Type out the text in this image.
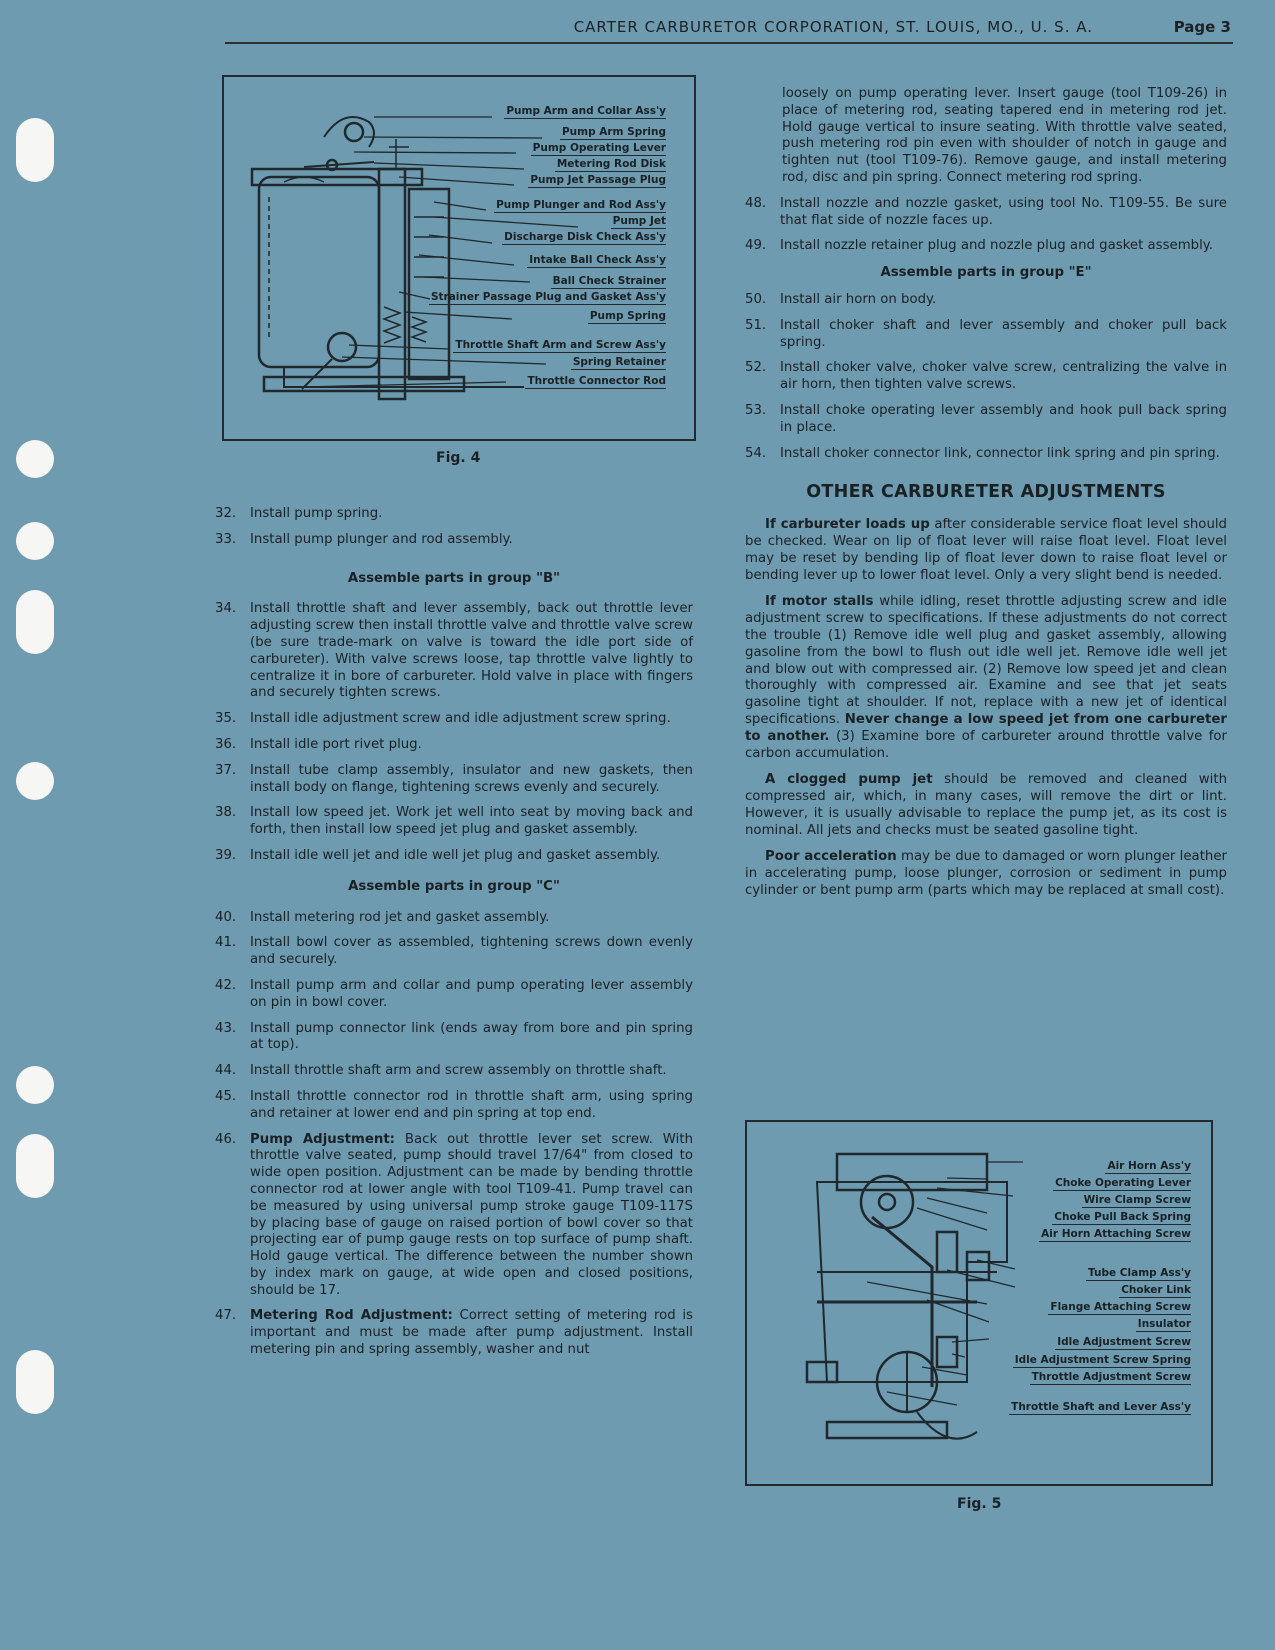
CARTER CARBURETOR CORPORATION, ST. LOUIS, MO., U. S. A.	Page 3
Pump Arm and Collar Ass'y
Pump Arm Spring
Pump Operating Lever
Metering Rod Disk
Pump Jet Passage Plug
Pump Plunger and Rod Ass'y
Pump Jet
Discharge Disk Check Ass'y
Intake Ball Check Ass'y
Ball Check Strainer
Strainer Passage Plug and Gasket Ass'y
Pump Spring
Throttle Shaft Arm and Screw Ass'y
Spring Retainer
Throttle Connector Rod
Fig. 4
32. Install pump spring.
33. Install pump plunger and rod assembly.
Assemble parts in group "B"
34. Install throttle shaft and lever assembly, back out throttle lever adjusting screw then install throttle valve and throttle valve screw (be sure trade-mark on valve is toward the idle port side of carbureter). With valve screws loose, tap throttle valve lightly to centralize it in bore of carbureter. Hold valve in place with fingers and securely tighten screws.
35. Install idle adjustment screw and idle adjustment screw spring.
36. Install idle port rivet plug.
37. Install tube clamp assembly, insulator and new gaskets, then install body on flange, tightening screws evenly and securely.
38. Install low speed jet. Work jet well into seat by moving back and forth, then install low speed jet plug and gasket assembly.
39. Install idle well jet and idle well jet plug and gasket assembly.
Assemble parts in group "C"
40. Install metering rod jet and gasket assembly.
41. Install bowl cover as assembled, tightening screws down evenly and securely.
42. Install pump arm and collar and pump operating lever assembly on pin in bowl cover.
43. Install pump connector link (ends away from bore and pin spring at top).
44. Install throttle shaft arm and screw assembly on throttle shaft.
45. Install throttle connector rod in throttle shaft arm, using spring and retainer at lower end and pin spring at top end.
46. Pump Adjustment: Back out throttle lever set screw. With throttle valve seated, pump should travel 17/64" from closed to wide open position. Adjustment can be made by bending throttle connector rod at lower angle with tool T109-41. Pump travel can be measured by using universal pump stroke gauge T109-117S by placing base of gauge on raised portion of bowl cover so that projecting ear of pump gauge rests on top surface of pump shaft. Hold gauge vertical. The difference between the number shown by index mark on gauge, at wide open and closed positions, should be 17.
47. Metering Rod Adjustment: Correct setting of metering rod is important and must be made after pump adjustment. Install metering pin and spring assembly, washer and nut
loosely on pump operating lever. Insert gauge (tool T109-26) in place of metering rod, seating tapered end in metering rod jet. Hold gauge vertical to insure seating. With throttle valve seated, push metering rod pin even with shoulder of notch in gauge and tighten nut (tool T109-76). Remove gauge, and install metering rod, disc and pin spring. Connect metering rod spring.
48. Install nozzle and nozzle gasket, using tool No. T109-55. Be sure that flat side of nozzle faces up.
49. Install nozzle retainer plug and nozzle plug and gasket assembly.
Assemble parts in group "E"
50. Install air horn on body.
51. Install choker shaft and lever assembly and choker pull back spring.
52. Install choker valve, choker valve screw, centralizing the valve in air horn, then tighten valve screws.
53. Install choke operating lever assembly and hook pull back spring in place.
54. Install choker connector link, connector link spring and pin spring.
OTHER CARBURETER ADJUSTMENTS
If carbureter loads up after considerable service float level should be checked. Wear on lip of float lever will raise float level. Float level may be reset by bending lip of float lever down to raise float level or bending lever up to lower float level. Only a very slight bend is needed.
If motor stalls while idling, reset throttle adjusting screw and idle adjustment screw to specifications. If these adjustments do not correct the trouble (1) Remove idle well plug and gasket assembly, allowing gasoline from the bowl to flush out idle well jet. Remove idle well jet and blow out with compressed air. (2) Remove low speed jet and clean thoroughly with compressed air. Examine and see that jet seats gasoline tight at shoulder. If not, replace with a new jet of identical specifications. Never change a low speed jet from one carbureter to another. (3) Examine bore of carbureter around throttle valve for carbon accumulation.
A clogged pump jet should be removed and cleaned with compressed air, which, in many cases, will remove the dirt or lint. However, it is usually advisable to replace the pump jet, as its cost is nominal. All jets and checks must be seated gasoline tight.
Poor acceleration may be due to damaged or worn plunger leather in accelerating pump, loose plunger, corrosion or sediment in pump cylinder or bent pump arm (parts which may be replaced at small cost).
Air Horn Ass'y
Choke Operating Lever
Wire Clamp Screw
Choke Pull Back Spring
Air Horn Attaching Screw
Tube Clamp Ass'y
Choker Link
Flange Attaching Screw
Insulator
Idle Adjustment Screw
Idle Adjustment Screw Spring
Throttle Adjustment Screw
Throttle Shaft and Lever Ass'y
Fig. 5
